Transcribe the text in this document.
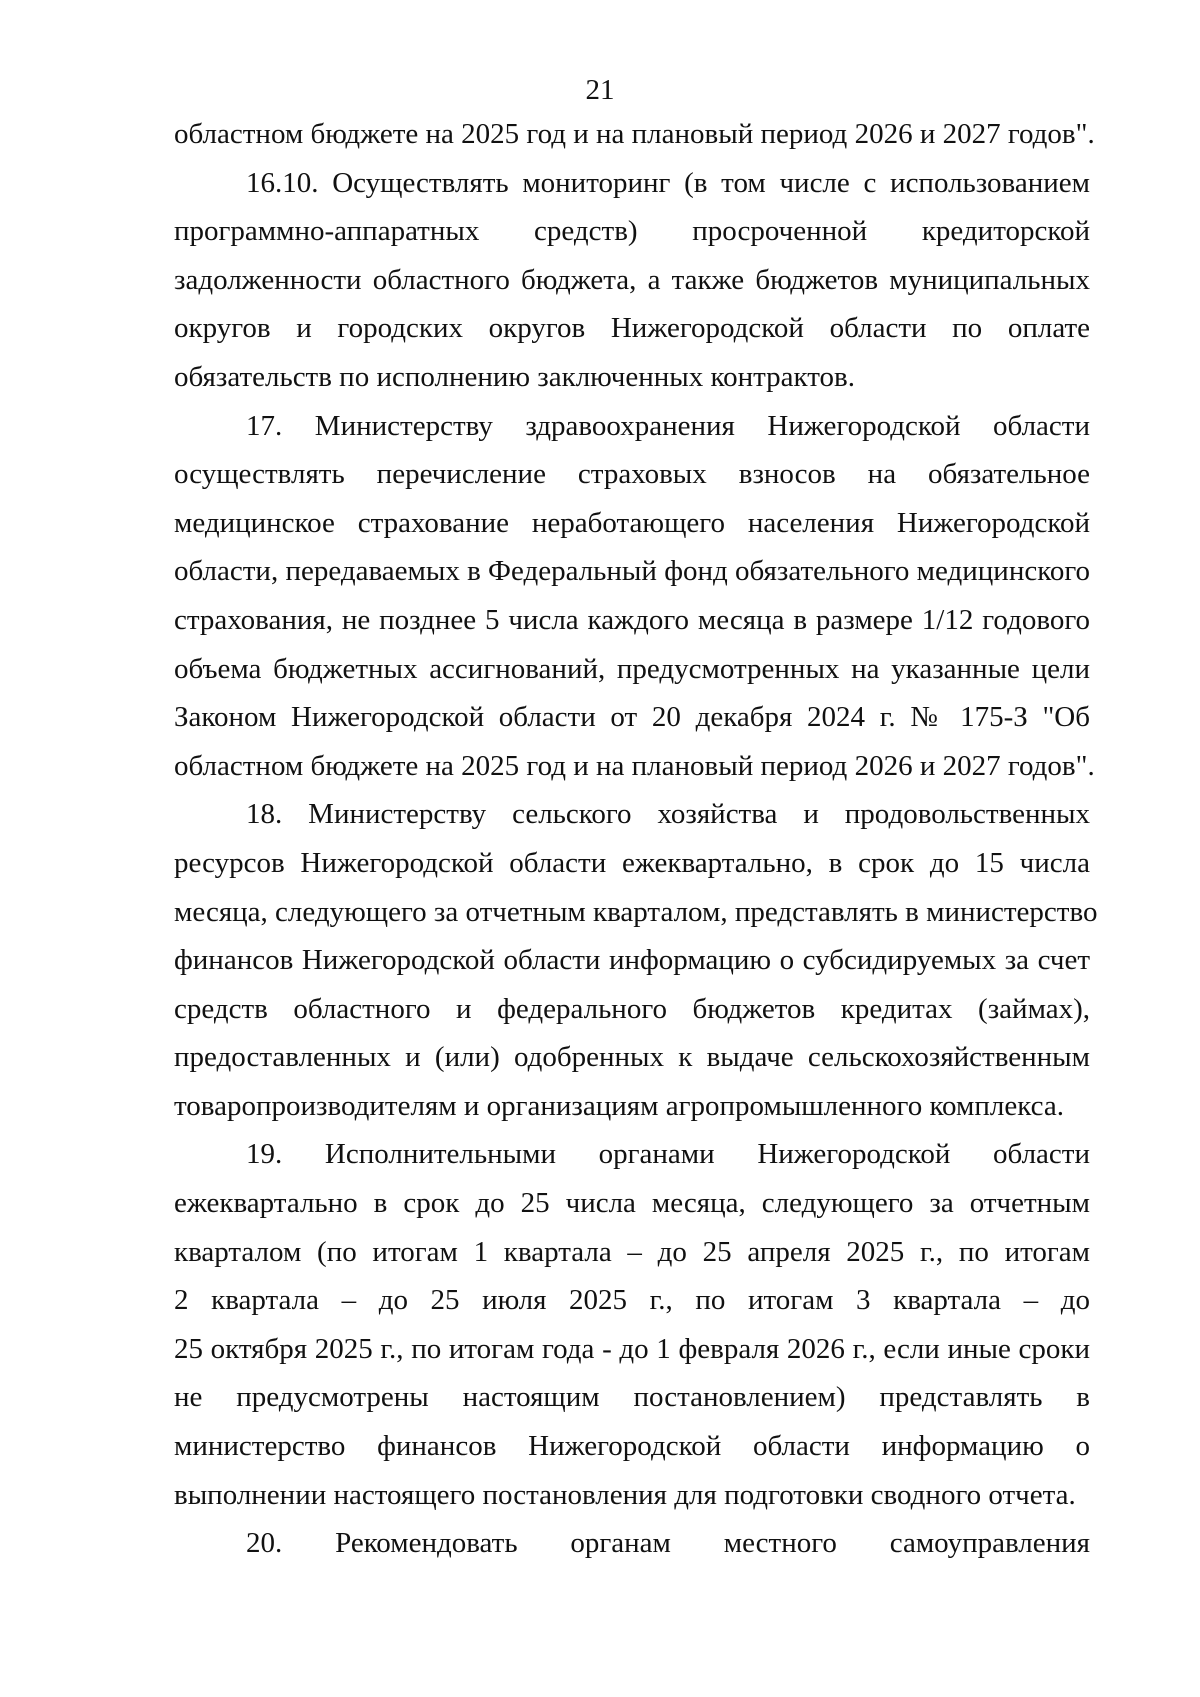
21
областном бюджете на 2025 год и на плановый период 2026 и 2027 годов".
16.10. Осуществлять мониторинг (в том числе с использованием
программно-аппаратных средств) просроченной кредиторской
задолженности областного бюджета, а также бюджетов муниципальных
округов и городских округов Нижегородской области по оплате
обязательств по исполнению заключенных контрактов.
17. Министерству здравоохранения Нижегородской области
осуществлять перечисление страховых взносов на обязательное
медицинское страхование неработающего населения Нижегородской
области, передаваемых в Федеральный фонд обязательного медицинского
страхования, не позднее 5 числа каждого месяца в размере 1/12 годового
объема бюджетных ассигнований, предусмотренных на указанные цели
Законом Нижегородской области от 20 декабря 2024 г. № 175-З "Об
областном бюджете на 2025 год и на плановый период 2026 и 2027 годов".
18. Министерству сельского хозяйства и продовольственных
ресурсов Нижегородской области ежеквартально, в срок до 15 числа
месяца, следующего за отчетным кварталом, представлять в министерство
финансов Нижегородской области информацию о субсидируемых за счет
средств областного и федерального бюджетов кредитах (займах),
предоставленных и (или) одобренных к выдаче сельскохозяйственным
товаропроизводителям и организациям агропромышленного комплекса.
19. Исполнительными органами Нижегородской области
ежеквартально в срок до 25 числа месяца, следующего за отчетным
кварталом (по итогам 1 квартала – до 25 апреля 2025 г., по итогам
2 квартала – до 25 июля 2025 г., по итогам 3 квартала – до
25 октября 2025 г., по итогам года - до 1 февраля 2026 г., если иные сроки
не предусмотрены настоящим постановлением) представлять в
министерство финансов Нижегородской области информацию о
выполнении настоящего постановления для подготовки сводного отчета.
20. Рекомендовать органам местного самоуправления
